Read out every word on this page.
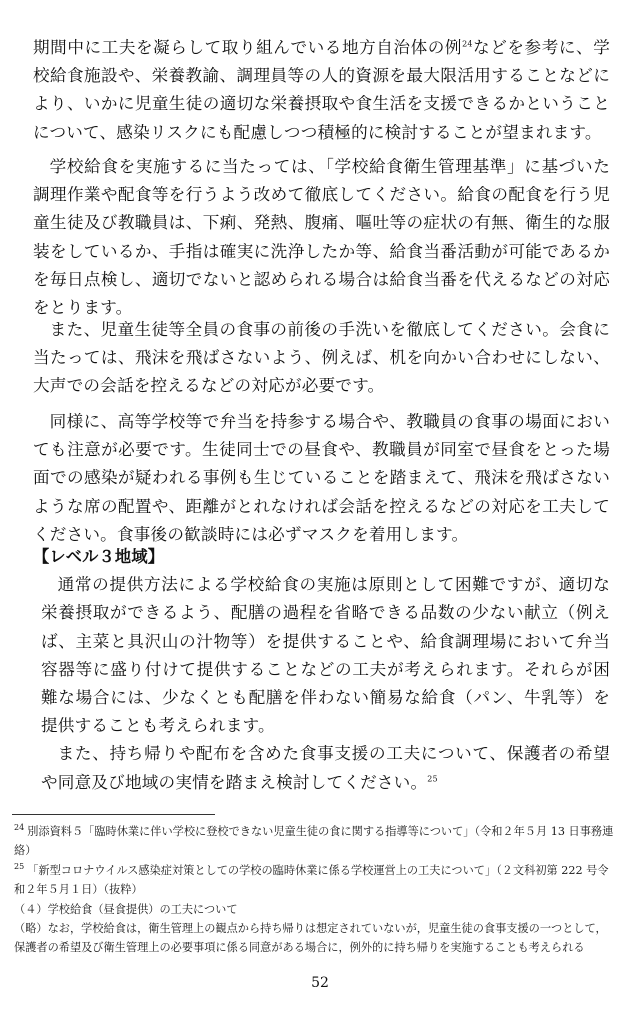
期間中に工夫を凝らして取り組んでいる地方自治体の例$^{24}$などを参考に、学校給食施設や、栄養教諭、調理員等の人的資源を最大限活用することなどにより、いかに児童生徒の適切な栄養摂取や食生活を支援できるかということについて、感染リスクにも配慮しつつ積極的に検討することが望まれます。

学校給食を実施するに当たっては、「学校給食衛生管理基準」に基づいた調理作業や配食等を行うよう改めて徹底してください。給食の配食を行う児童生徒及び教職員は、下痢、発熱、腹痛、嘔吐等の症状の有無、衛生的な服装をしているか、手指は確実に洗浄したか等、給食当番活動が可能であるかを毎日点検し、適切でないと認められる場合は給食当番を代えるなどの対応をとります。

また、児童生徒等全員の食事の前後の手洗いを徹底してください。会食に当たっては、飛沫を飛ばさないよう、例えば、机を向かい合わせにしない、大声での会話を控えるなどの対応が必要です。

同様に、高等学校等で弁当を持参する場合や、教職員の食事の場面においても注意が必要です。生徒同士での昼食や、教職員が同室で昼食をとった場面での感染が疑われる事例も生じていることを踏まえて、飛沫を飛ばさないような席の配置や、距離がとれなければ会話を控えるなどの対応を工夫してください。食事後の歓談時には必ずマスクを着用します。

【レベル３地域】

通常の提供方法による学校給食の実施は原則として困難ですが、適切な栄養摂取ができるよう、配膳の過程を省略できる品数の少ない献立（例えば、主菜と具沢山の汁物等）を提供することや、給食調理場において弁当容器等に盛り付けて提供することなどの工夫が考えられます。それらが困難な場合には、少なくとも配膳を伴わない簡易な給食（パン、牛乳等）を提供することも考えられます。

また、持ち帰りや配布を含めた食事支援の工夫について、保護者の希望や同意及び地域の実情を踏まえ検討してください。$^{25}$

$^{24}$ 別添資料５「臨時休業に伴い学校に登校できない児童生徒の食に関する指導等について」（令和２年５月 13 日事務連絡）

$^{25}$ 「新型コロナウイルス感染症対策としての学校の臨時休業に係る学校運営上の工夫について」（２文科初第 222 号令和２年５月１日）（抜粋）

（４）学校給食（昼食提供）の工夫について

（略）なお，学校給食は，衛生管理上の観点から持ち帰りは想定されていないが，児童生徒の食事支援の一つとして，保護者の希望及び衛生管理上の必要事項に係る同意がある場合に，例外的に持ち帰りを実施することも考えられる

52
